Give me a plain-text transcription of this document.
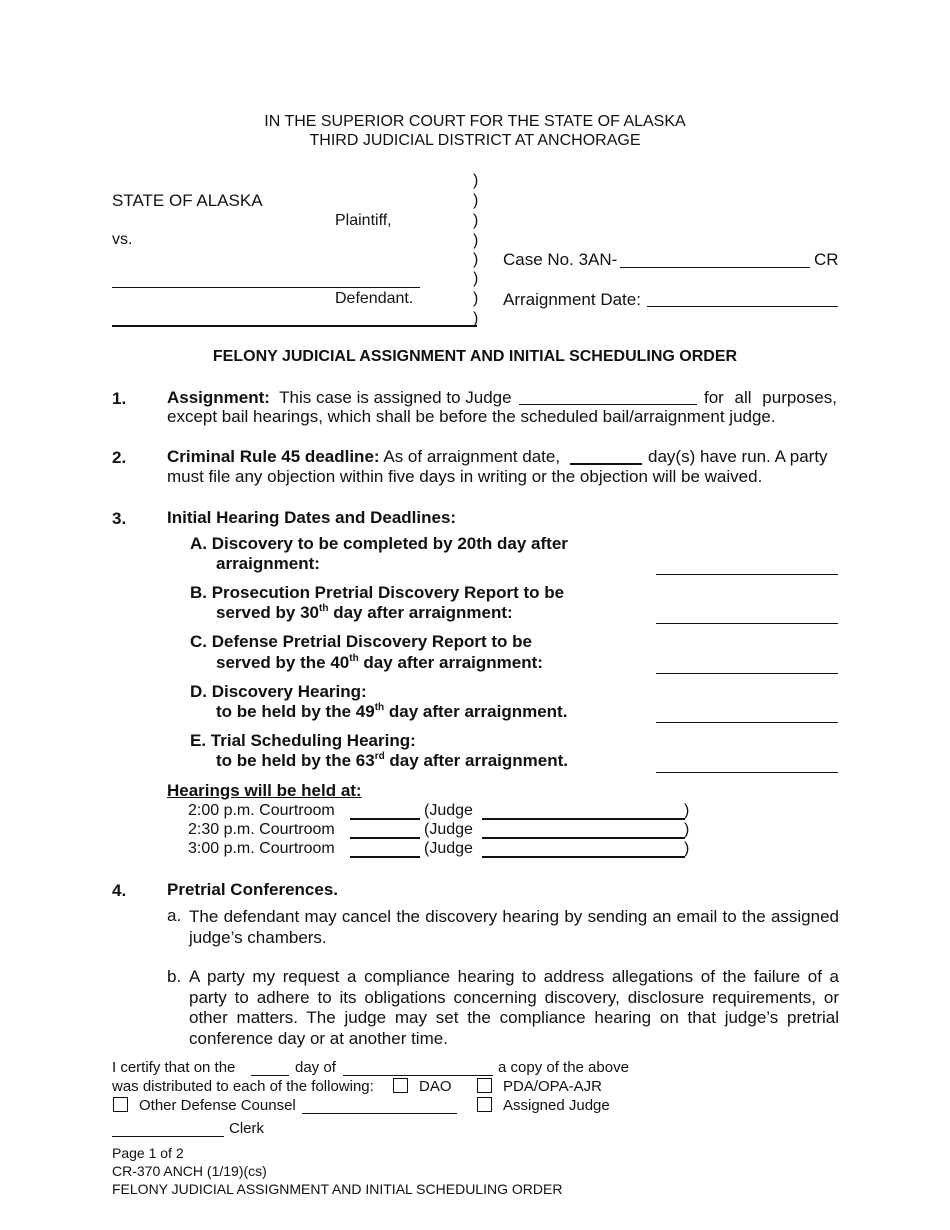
IN THE SUPERIOR COURT FOR THE STATE OF ALASKA
THIRD JUDICIAL DISTRICT AT ANCHORAGE
)
)
)
)
)
)
)
)
STATE OF ALASKA
Plaintiff,
vs.
Defendant.
Case No. 3AN-	CR
Arraignment Date:
FELONY JUDICIAL ASSIGNMENT AND INITIAL SCHEDULING ORDER
1. Assignment: This case is assigned to Judge	for all purposes,
except bail hearings, which shall be before the scheduled bail/arraignment judge.
2. Criminal Rule 45 deadline: As of arraignment date,	day(s) have run. A party
must file any objection within five days in writing or the objection will be waived.
3. Initial Hearing Dates and Deadlines:
A. Discovery to be completed by 20th day after
arraignment:
B. Prosecution Pretrial Discovery Report to be
served by 30th day after arraignment:
C. Defense Pretrial Discovery Report to be
served by the 40th day after arraignment:
D. Discovery Hearing:
to be held by the 49th day after arraignment.
E. Trial Scheduling Hearing:
to be held by the 63rd day after arraignment.
Hearings will be held at:
2:00 p.m. Courtroom	(Judge	)
2:30 p.m. Courtroom	(Judge	)
3:00 p.m. Courtroom	(Judge	)
4. Pretrial Conferences.
a. The defendant may cancel the discovery hearing by sending an email to the assigned judge’s chambers.
b. A party my request a compliance hearing to address allegations of the failure of a party to adhere to its obligations concerning discovery, disclosure requirements, or other matters. The judge may set the compliance hearing on that judge’s pretrial conference day or at another time.
I certify that on the	day of	a copy of the above
was distributed to each of the following:	DAO	PDA/OPA-AJR
Other Defense Counsel	Assigned Judge
Clerk
Page 1 of 2
CR-370 ANCH (1/19)(cs)
FELONY JUDICIAL ASSIGNMENT AND INITIAL SCHEDULING ORDER
